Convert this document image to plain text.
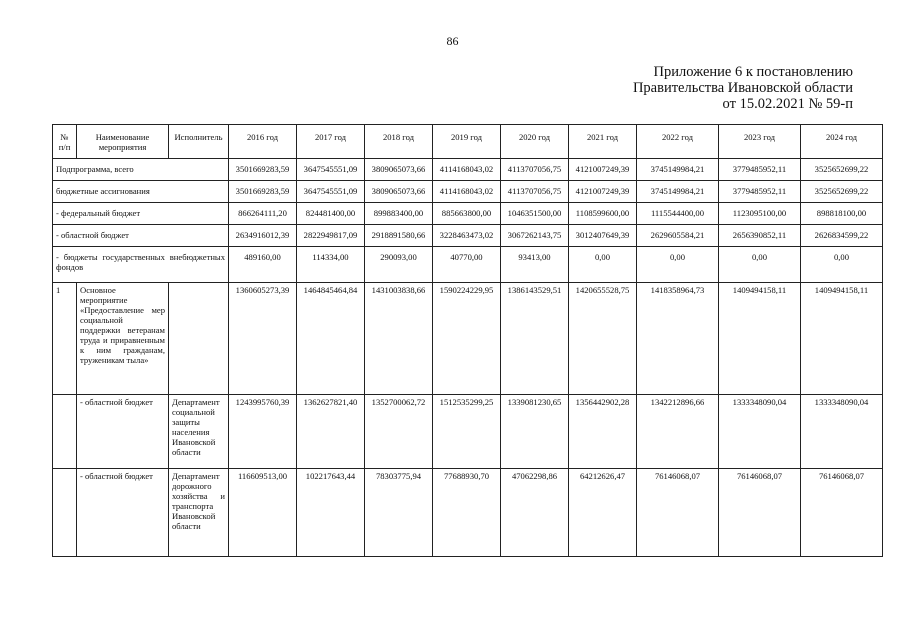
86
Приложение 6 к постановлению
Правительства Ивановской области
от 15.02.2021 № 59-п
№ п/п	Наименование мероприятия	Исполнитель	2016 год	2017 год	2018 год	2019 год	2020 год	2021 год	2022 год	2023 год	2024 год
Подпрограмма, всего			3501669283,59	3647545551,09	3809065073,66	4114168043,02	4113707056,75	4121007249,39	3745149984,21	3779485952,11	3525652699,22
бюджетные ассигнования			3501669283,59	3647545551,09	3809065073,66	4114168043,02	4113707056,75	4121007249,39	3745149984,21	3779485952,11	3525652699,22
- федеральный бюджет			866264111,20	824481400,00	899883400,00	885663800,00	1046351500,00	1108599600,00	1115544400,00	1123095100,00	898818100,00
- областной бюджет			2634916012,39	2822949817,09	2918891580,66	3228463473,02	3067262143,75	3012407649,39	2629605584,21	2656390852,11	2626834599,22
- бюджеты государственных внебюджетных фондов			489160,00	114334,00	290093,00	40770,00	93413,00	0,00	0,00	0,00	0,00
1	Основное мероприятие «Предоставление мер социальной поддержки ветеранам труда и приравненным к ним гражданам, труженикам тыла»		1360605273,39	1464845464,84	1431003838,66	1590224229,95	1386143529,51	1420655528,75	1418358964,73	1409494158,11	1409494158,11
	- областной бюджет	Департамент социальной защиты населения Ивановской области	1243995760,39	1362627821,40	1352700062,72	1512535299,25	1339081230,65	1356442902,28	1342212896,66	1333348090,04	1333348090,04
	- областной бюджет	Департамент дорожного хозяйства и транспорта Ивановской области	116609513,00	102217643,44	78303775,94	77688930,70	47062298,86	64212626,47	76146068,07	76146068,07	76146068,07
